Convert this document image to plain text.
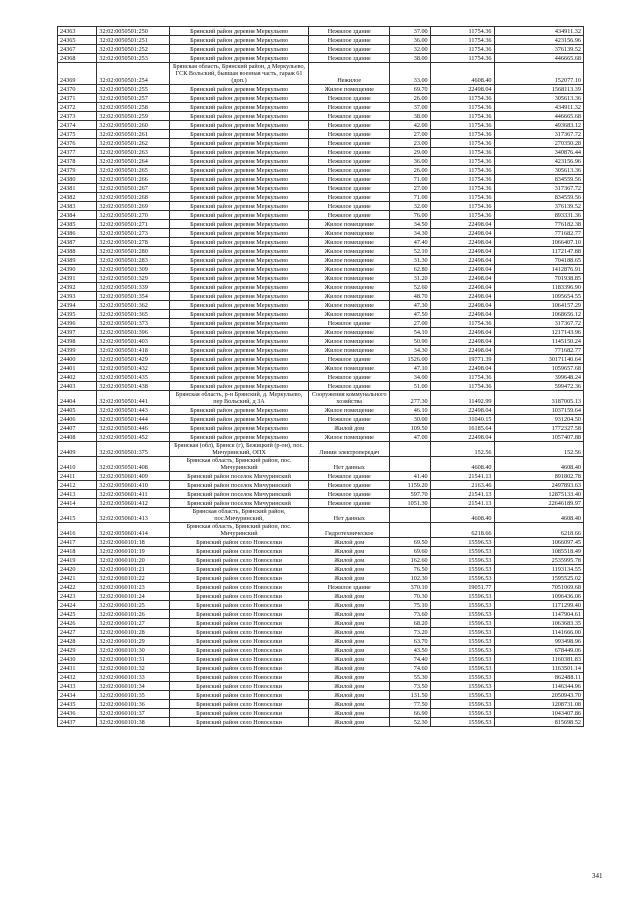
24363	32:02:0050501:250	Брянский район деревня Меркульево	Нежилое здание	37.00	11754.36	434911.32
24365	32:02:0050501:251	Брянский район деревня Меркульево	Нежилое здание	36.00	11754.36	423156.96
24367	32:02:0050501:252	Брянский район деревня Меркульево	Нежилое здание	32.00	11754.36	376139.52
24368	32:02:0050501:253	Брянский район деревня Меркульево	Нежилое здание	38.00	11754.36	446665.68
24369	32:02:0050501:254	Брянская область, Брянский район, д Меркульево, ГСК Вольский, бывшая военная часть, гараж 61 (доп.)	Нежилое	33.00	4608.40	152077.10
24370	32:02:0050501:255	Брянский район деревня Меркульево	Жилое помещение	69.70	22498.04	1568113.39
24371	32:02:0050501:257	Брянский район деревня Меркульево	Нежилое здание	26.00	11754.36	305613.36
24372	32:02:0050501:258	Брянский район деревня Меркульево	Нежилое здание	37.00	11754.36	434911.32
24373	32:02:0050501:259	Брянский район деревня Меркульево	Нежилое здание	38.00	11754.36	446665.68
24374	32:02:0050501:260	Брянский район деревня Меркульево	Нежилое здание	42.00	11754.36	493683.12
24375	32:02:0050501:261	Брянский район деревня Меркульево	Нежилое здание	27.00	11754.36	317367.72
24376	32:02:0050501:262	Брянский район деревня Меркульево	Нежилое здание	23.00	11754.36	270350.28
24377	32:02:0050501:263	Брянский район деревня Меркульево	Нежилое здание	29.00	11754.36	340876.44
24378	32:02:0050501:264	Брянский район деревня Меркульево	Нежилое здание	36.00	11754.36	423156.96
24379	32:02:0050501:265	Брянский район деревня Меркульево	Нежилое здание	26.00	11754.36	305613.36
24380	32:02:0050501:266	Брянский район деревня Меркульево	Нежилое здание	71.00	11754.36	834559.56
24381	32:02:0050501:267	Брянский район деревня Меркульево	Нежилое здание	27.00	11754.36	317367.72
24382	32:02:0050501:268	Брянский район деревня Меркульево	Нежилое здание	71.00	11754.36	834559.56
24383	32:02:0050501:269	Брянский район деревня Меркульево	Нежилое здание	32.00	11754.36	376139.52
24384	32:02:0050501:270	Брянский район деревня Меркульево	Нежилое здание	76.00	11754.36	893331.36
24385	32:02:0050501:271	Брянский район деревня Меркульево	Жилое помещение	34.50	22498.04	776182.38
24386	32:02:0050501:273	Брянский район деревня Меркульево	Жилое помещение	34.30	22498.04	771682.77
24387	32:02:0050501:278	Брянский район деревня Меркульево	Жилое помещение	47.40	22498.04	1066407.10
24388	32:02:0050501:280	Брянский район деревня Меркульево	Жилое помещение	52.10	22498.04	1172147.88
24389	32:02:0050501:283	Брянский район деревня Меркульево	Жилое помещение	31.30	22498.04	704188.65
24390	32:02:0050501:309	Брянский район деревня Меркульево	Жилое помещение	62.80	22498.04	1412876.91
24391	32:02:0050501:329	Брянский район деревня Меркульево	Жилое помещение	31.20	22498.04	701938.85
24392	32:02:0050501:339	Брянский район деревня Меркульево	Жилое помещение	52.60	22498.04	1183396.90
24393	32:02:0050501:354	Брянский район деревня Меркульево	Жилое помещение	48.70	22498.04	1095654.55
24394	32:02:0050501:362	Брянский район деревня Меркульево	Жилое помещение	47.30	22498.04	1064157.29
24395	32:02:0050501:365	Брянский район деревня Меркульево	Жилое помещение	47.50	22498.04	1068656.12
24396	32:02:0050501:373	Брянский район деревня Меркульево	Нежилое здание	27.00	11754.36	317367.72
24397	32:02:0050501:396	Брянский район деревня Меркульево	Жилое помещение	54.10	22498.04	1217143.96
24398	32:02:0050501:403	Брянский район деревня Меркульево	Жилое помещение	50.90	22498.04	1145150.24
24399	32:02:0050501:418	Брянский район деревня Меркульево	Жилое помещение	34.30	22498.04	771682.77
24400	32:02:0050501:429	Брянский район деревня Меркульево	Нежилое здание	1526.00	19771.39	30171140.64
24401	32:02:0050501:432	Брянский район деревня Меркульево	Жилое помещение	47.10	22498.04	1059657.68
24402	32:02:0050501:435	Брянский район деревня Меркульево	Нежилое здание	34.00	11754.36	399648.24
24403	32:02:0050501:438	Брянский район деревня Меркульево	Нежилое здание	51.00	11754.36	599472.36
24404	32:02:0050501:441	Брянская область, р-н Брянский, д. Меркульево, пер Вольский, д 3А	Сооружения коммунального хозяйства	277.30	11492.99	3187005.13
24405	32:02:0050501:443	Брянский район деревня Меркульево	Жилое помещение	46.10	22498.04	1037159.64
24406	32:02:0050501:444	Брянский район деревня Меркульево	Нежилое здание	30.00	31040.15	931204.50
24407	32:02:0050501:446	Брянский район деревня Меркульево	Жилой дом	109.50	16185.64	1772327.58
24408	32:02:0050501:452	Брянский район деревня Меркульево	Жилое помещение	47.00	22498.04	1057407.88
24409	32:02:0050501:375	Брянская (обл), Брянск (г), Бежицкий (р-он), пос. Мичуринский, ОПХ	Линии электропередач		152.56	152.56
24410	32:02:0050501:408	Брянская область, Брянский район, пос. Мичуринский	Нет данных		4608.40	4608.40
24411	32:02:0050601:409	Брянский район поселок Мичуринский	Нежилое здание	41.40	21541.13	891802.78
24412	32:02:0050601:410	Брянский район поселок Мичуринский	Нежилое здание	1159.20	2163.46	2497893.63
24413	32:02:0050601:411	Брянский район поселок Мичуринский	Нежилое здание	597.70	21541.13	12875133.40
24414	32:02:0050601:412	Брянский район поселок Мичуринский	Нежилое здание	1051.30	21541.13	22646189.97
24415	32:02:0050601:413	Брянская область, Брянский район, пос.Мичуринский,	Нет данных		4608.40	4608.40
24416	32:02:0050601:414	Брянская область, Брянский район, пос. Мичуринский	Гидротехническое		6218.66	6218.66
24417	32:02:0060101:18	Брянский район село Новоселки	Жилой дом	69.50	15596.53	1066097.45
24418	32:02:0060101:19	Брянский район село Новоселки	Жилой дом	69.60	15596.53	1085518.49
24419	32:02:0060101:20	Брянский район село Новоселки	Жилой дом	162.60	15596.53	2535995.78
24420	32:02:0060101:21	Брянский район село Новоселки	Жилой дом	76.50	15596.53	1193134.55
24421	32:02:0060101:22	Брянский район село Новоселки	Жилой дом	102.30	15596.53	1595525.02
24422	32:02:0060101:23	Брянский район село Новоселки	Нежилое здание	370.10	19051.77	7051069.68
24423	32:02:0060101:24	Брянский район село Новоселки	Жилой дом	70.30	15596.53	1096436.06
24424	32:02:0060101:25	Брянский район село Новоселки	Жилой дом	75.10	15596.53	1171299.40
24425	32:02:0060101:26	Брянский район село Новоселки	Жилой дом	73.60	15596.53	1147904.61
24426	32:02:0060101:27	Брянский район село Новоселки	Жилой дом	68.20	15596.53	1063683.35
24427	32:02:0060101:28	Брянский район село Новоселки	Жилой дом	73.20	15596.53	1141666.00
24428	32:02:0060101:29	Брянский район село Новоселки	Жилой дом	63.70	15596.53	993498.96
24429	32:02:0060101:30	Брянский район село Новоселки	Жилой дом	43.50	15596.53	678449.06
24430	32:02:0060101:31	Брянский район село Новоселки	Жилой дом	74.40	15596.53	1160381.83
24431	32:02:0060101:32	Брянский район село Новоселки	Жилой дом	74.60	15596.53	1163501.14
24432	32:02:0060101:33	Брянский район село Новоселки	Жилой дом	55.30	15596.53	862488.11
24433	32:02:0060101:34	Брянский район село Новоселки	Жилой дом	73.50	15596.53	1146344.96
24434	32:02:0060101:35	Брянский район село Новоселки	Жилой дом	131.50	15596.53	2050943.70
24435	32:02:0060101:36	Брянский район село Новоселки	Жилой дом	77.50	15596.53	1208731.08
24436	32:02:0060101:37	Брянский район село Новоселки	Жилой дом	66.90	15596.53	1043407.86
24437	32:02:0060101:38	Брянский район село Новоселки	Жилой дом	52.30	15596.53	815698.52
341
